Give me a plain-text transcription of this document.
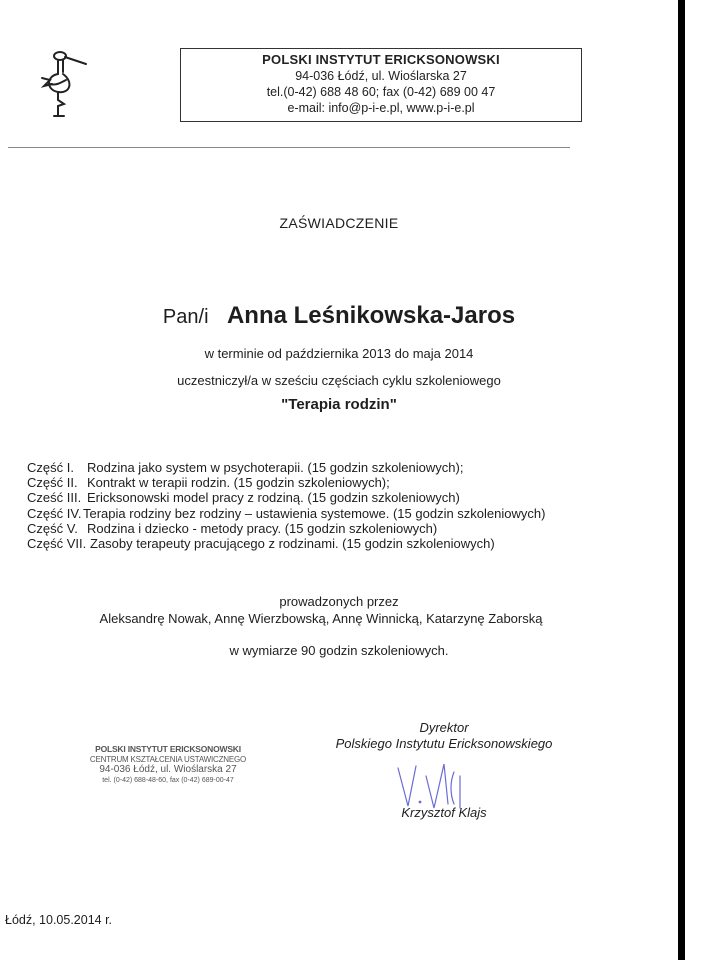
POLSKI INSTYTUT ERICKSONOWSKI
94-036 Łódź, ul. Wioślarska 27
tel.(0-42) 688 48 60; fax (0-42) 689 00 47
e-mail: info@p-i-e.pl, www.p-i-e.pl
ZAŚWIADCZENIE
Pan/i Anna Leśnikowska-Jaros
w terminie od października 2013 do maja 2014
uczestniczył/a w sześciu częściach cyklu szkoleniowego
"Terapia rodzin"
Część I. Rodzina jako system w psychoterapii. (15 godzin szkoleniowych);
Część II. Kontrakt w terapii rodzin. (15 godzin szkoleniowych);
Cześć III. Ericksonowski model pracy z rodziną. (15 godzin szkoleniowych)
Część IV. Terapia rodziny bez rodziny – ustawienia systemowe. (15 godzin szkoleniowych)
Część V. Rodzina i dziecko - metody pracy. (15 godzin szkoleniowych)
Część VII. Zasoby terapeuty pracującego z rodzinami. (15 godzin szkoleniowych)
prowadzonych przez
Aleksandrę Nowak, Annę Wierzbowską, Annę Winnicką, Katarzynę Zaborską
w wymiarze 90 godzin szkoleniowych.
POLSKI INSTYTUT ERICKSONOWSKI
CENTRUM KSZTAŁCENIA USTAWICZNEGO
94-036 Łódź, ul. Wioślarska 27
tel. (0-42) 688-48-60, fax (0-42) 689-00-47
Dyrektor
Polskiego Instytutu Ericksonowskiego
Krzysztof Klajs
Łódź, 10.05.2014 r.
